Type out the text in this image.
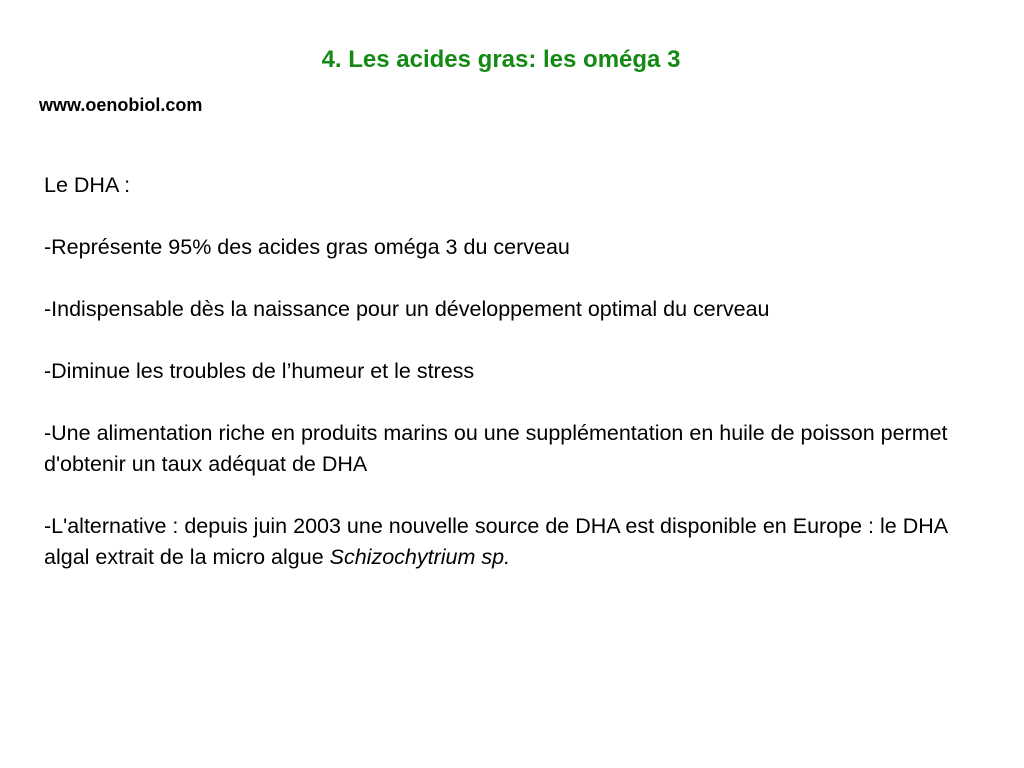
4. Les acides gras: les oméga 3
www.oenobiol.com

Le DHA :

-Représente 95% des acides gras oméga 3 du cerveau

-Indispensable dès la naissance pour un développement optimal du cerveau

-Diminue les troubles de l’humeur et le stress

-Une alimentation riche en produits marins ou une supplémentation en huile de poisson permet d'obtenir un taux adéquat de DHA

-L'alternative : depuis juin 2003 une nouvelle source de DHA est disponible en Europe : le DHA algal extrait de la micro algue Schizochytrium sp.
